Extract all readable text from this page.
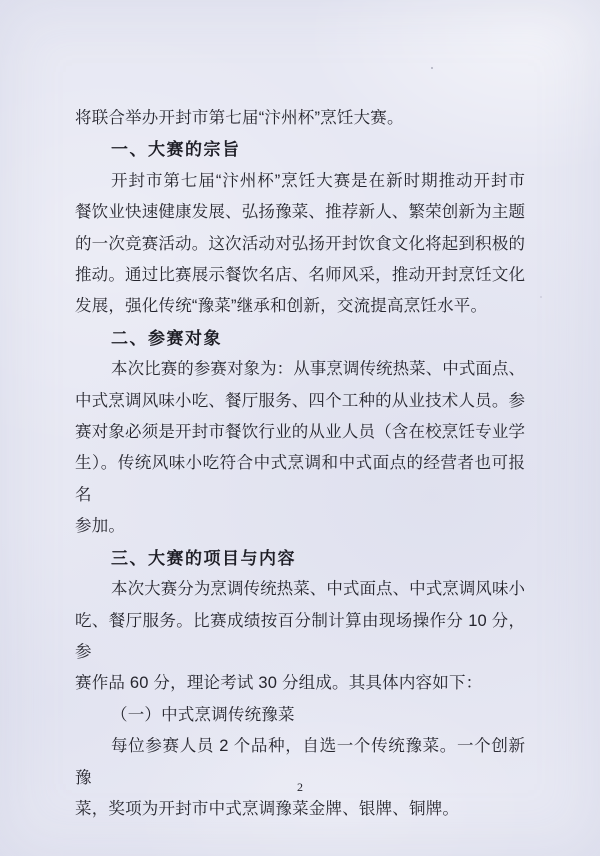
将联合举办开封市第七届“汴州杯”烹饪大赛。
一、大赛的宗旨
开封市第七届“汴州杯”烹饪大赛是在新时期推动开封市
餐饮业快速健康发展、弘扬豫菜、推荐新人、繁荣创新为主题
的一次竞赛活动。这次活动对弘扬开封饮食文化将起到积极的
推动。通过比赛展示餐饮名店、名师风采，推动开封烹饪文化
发展，强化传统“豫菜”继承和创新，交流提高烹饪水平。
二、参赛对象
本次比赛的参赛对象为：从事烹调传统热菜、中式面点、
中式烹调风味小吃、餐厅服务、四个工种的从业技术人员。参
赛对象必须是开封市餐饮行业的从业人员（含在校烹饪专业学
生）。传统风味小吃符合中式烹调和中式面点的经营者也可报名
参加。
三、大赛的项目与内容
本次大赛分为烹调传统热菜、中式面点、中式烹调风味小
吃、餐厅服务。比赛成绩按百分制计算由现场操作分 10 分，参
赛作品 60 分，理论考试 30 分组成。其具体内容如下：
（一）中式烹调传统豫菜
每位参赛人员 2 个品种，自选一个传统豫菜。一个创新豫
菜，奖项为开封市中式烹调豫菜金牌、银牌、铜牌。
2
